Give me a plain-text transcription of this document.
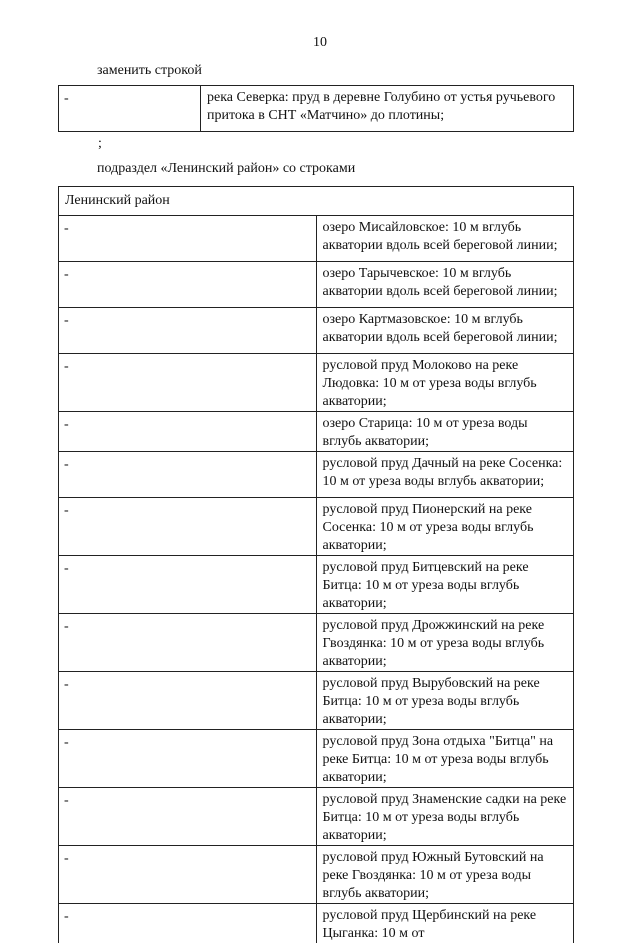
10
заменить строкой
-	река Северка: пруд в деревне Голубино от устья ручьевого притока в СНТ «Матчино» до плотины;
;
подраздел «Ленинский район» со строками
Ленинский район	
-	озеро Мисайловское: 10 м вглубь акватории вдоль всей береговой линии;
-	озеро Тарычевское: 10 м вглубь акватории вдоль всей береговой линии;
-	озеро Картмазовское: 10 м вглубь акватории вдоль всей береговой линии;
-	русловой пруд Молоково на реке Людовка: 10 м от уреза воды вглубь акватории;
-	озеро Старица: 10 м от уреза воды вглубь акватории;
-	русловой пруд Дачный на реке Сосенка: 10 м от уреза воды вглубь акватории;
-	русловой пруд Пионерский на реке Сосенка: 10 м от уреза воды вглубь акватории;
-	русловой пруд Битцевский на реке Битца: 10 м от уреза воды вглубь акватории;
-	русловой пруд Дрожжинский на реке Гвоздянка: 10 м от уреза воды вглубь акватории;
-	русловой пруд Вырубовский на реке Битца: 10 м от уреза воды вглубь акватории;
-	русловой пруд Зона отдыха "Битца" на реке Битца: 10 м от уреза воды вглубь акватории;
-	русловой пруд Знаменские садки на реке Битца: 10 м от уреза воды вглубь акватории;
-	русловой пруд Южный Бутовский на реке Гвоздянка: 10 м от уреза воды вглубь акватории;
-	русловой пруд Щербинский на реке Цыганка: 10 м от
